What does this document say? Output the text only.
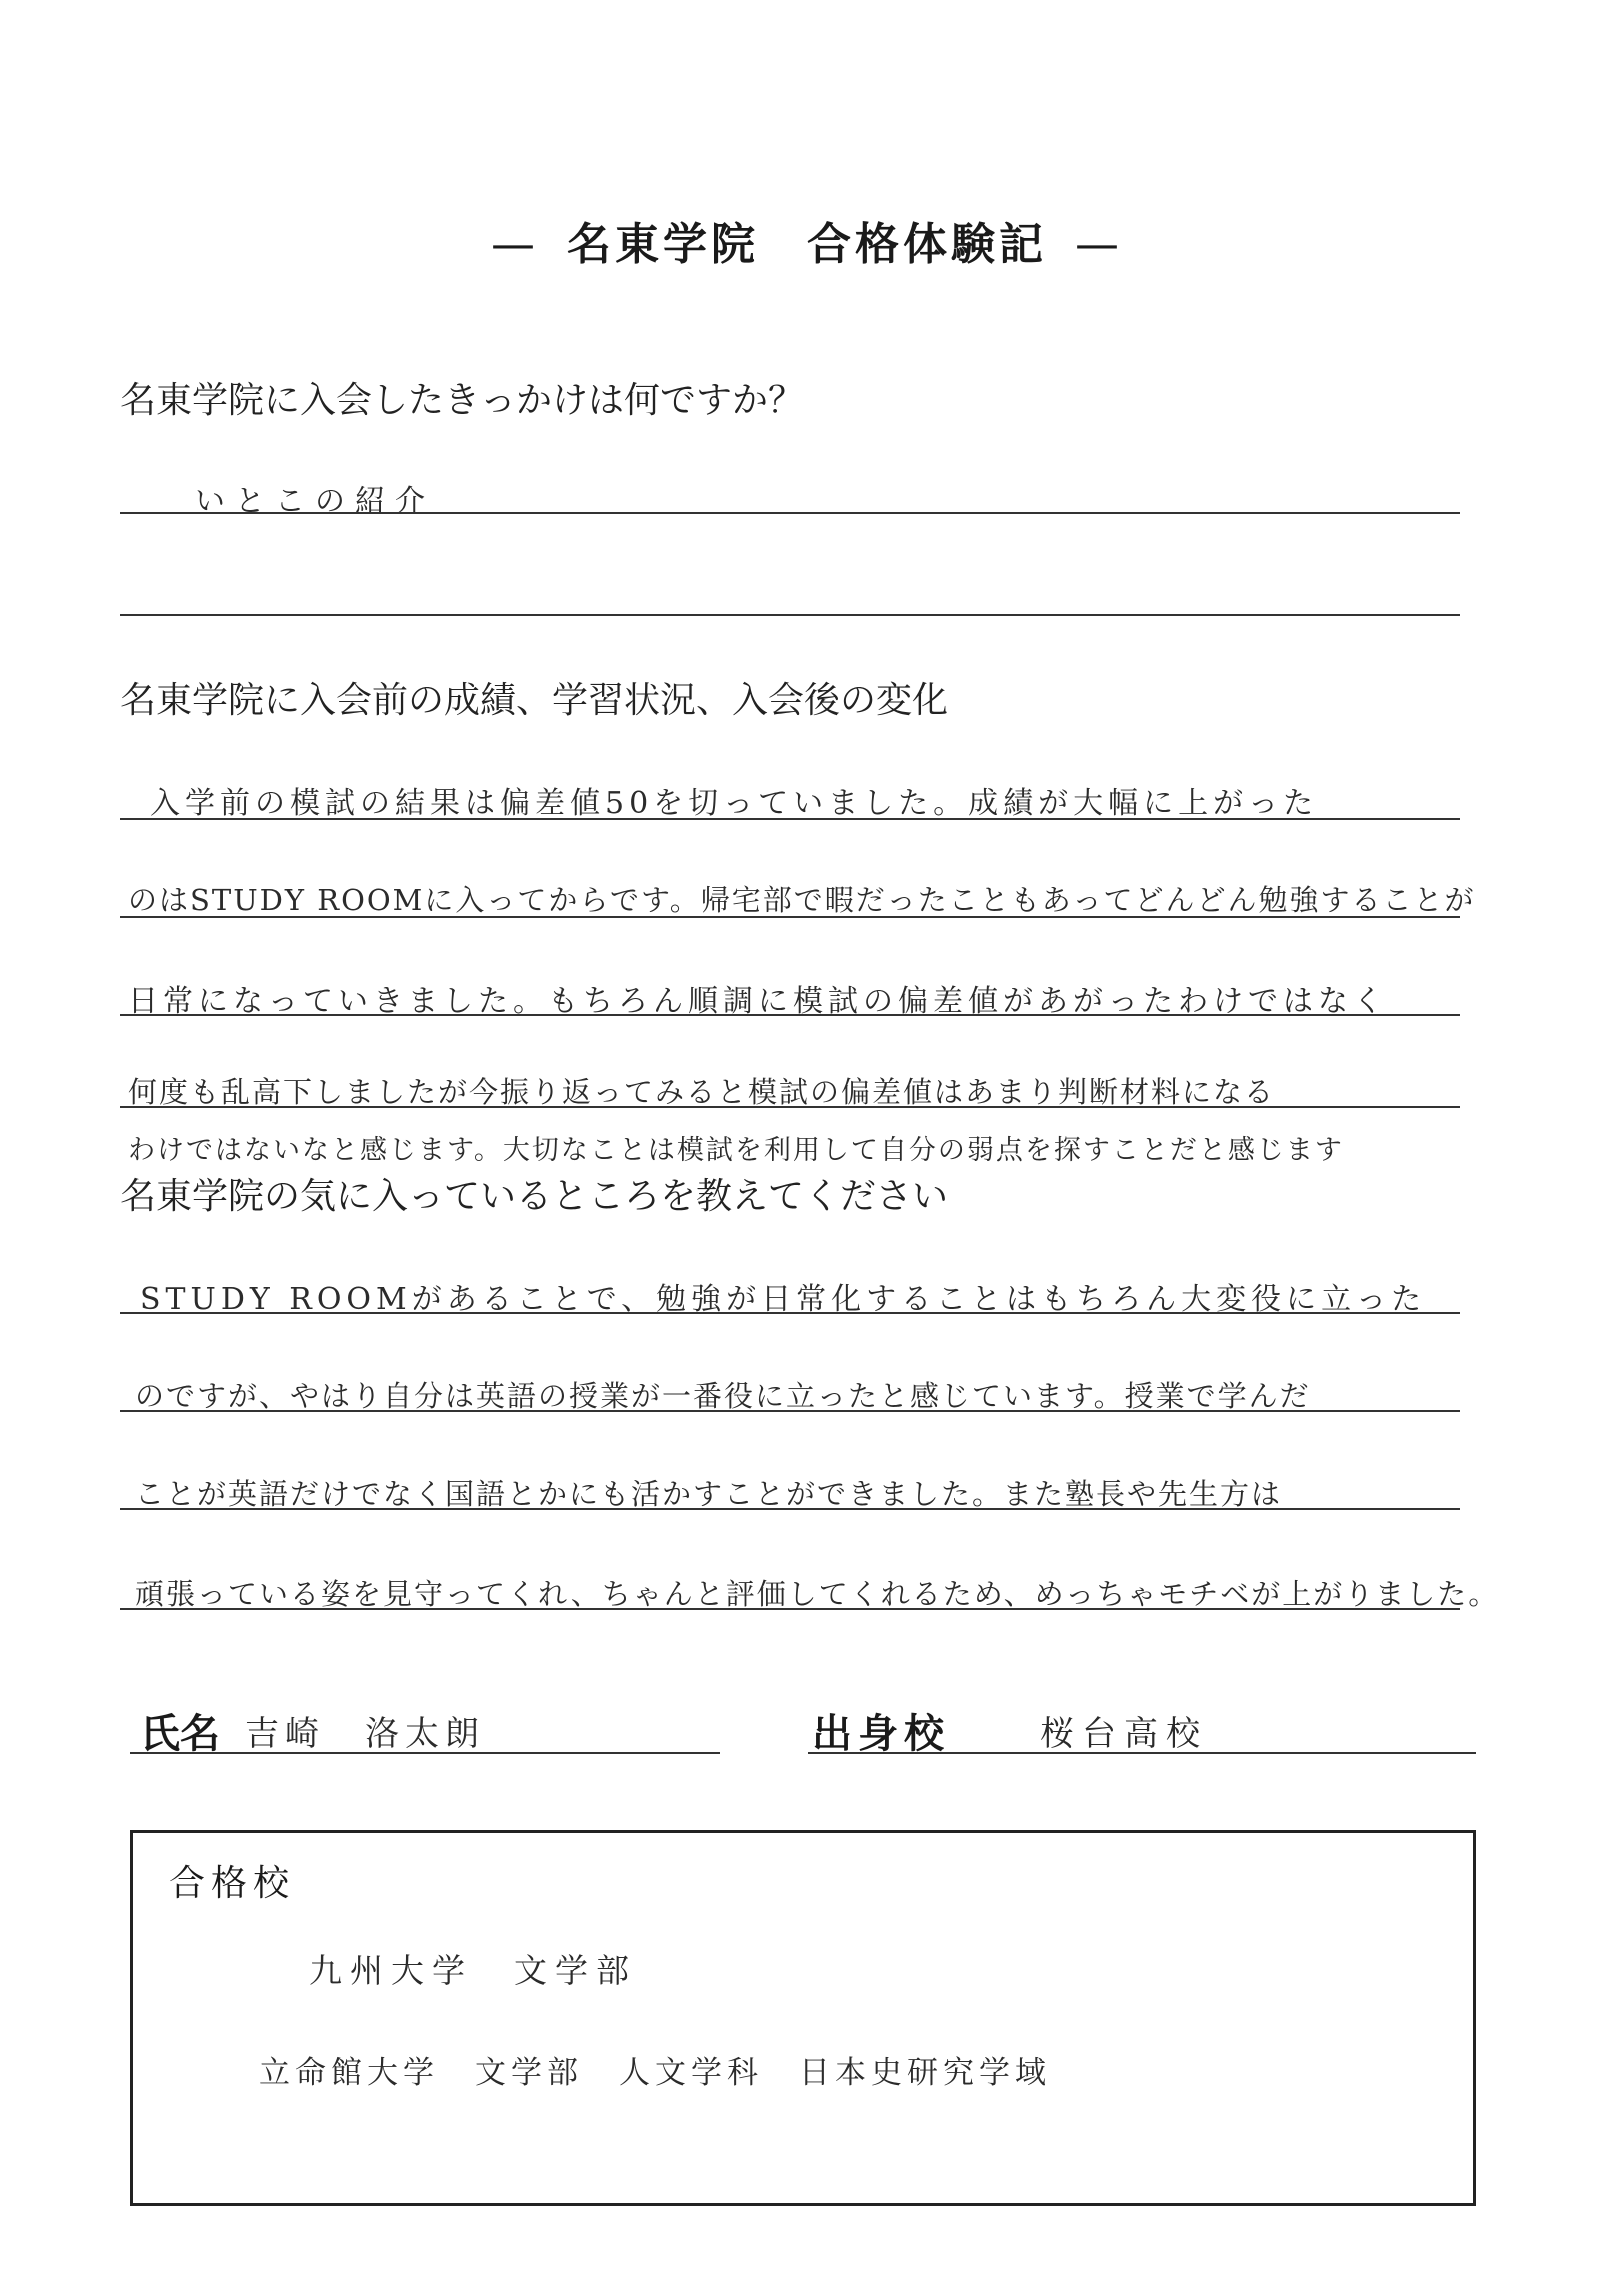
— 名東学院　合格体験記 —
名東学院に入会したきっかけは何ですか？
いとこの紹介
名東学院に入会前の成績、学習状況、入会後の変化
入学前の模試の結果は偏差値50を切っていました。成績が大幅に上がった
のはSTUDY ROOMに入ってからです。帰宅部で暇だったこともあってどんどん勉強することが
日常になっていきました。もちろん順調に模試の偏差値があがったわけではなく
何度も乱高下しましたが今振り返ってみると模試の偏差値はあまり判断材料になる
わけではないなと感じます。大切なことは模試を利用して自分の弱点を探すことだと感じます
名東学院の気に入っているところを教えてください
STUDY ROOMがあることで、勉強が日常化することはもちろん大変役に立った
のですが、やはり自分は英語の授業が一番役に立ったと感じています。授業で学んだ
ことが英語だけでなく国語とかにも活かすことができました。また塾長や先生方は
頑張っている姿を見守ってくれ、ちゃんと評価してくれるため、めっちゃモチベが上がりました。
氏名 吉崎　洛太朗	出身校	桜台高校
合格校
九州大学　文学部
立命館大学　文学部　人文学科　日本史研究学域
